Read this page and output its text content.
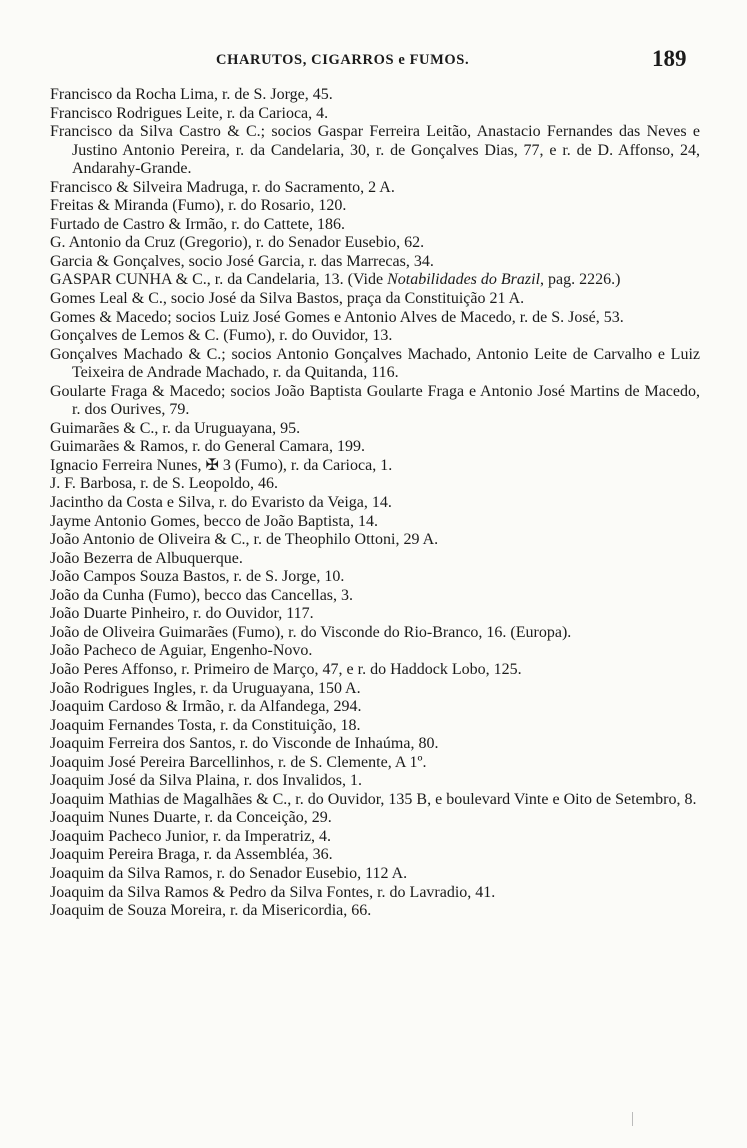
CHARUTOS, CIGARROS e FUMOS.	189
Francisco da Rocha Lima, r. de S. Jorge, 45.
Francisco Rodrigues Leite, r. da Carioca, 4.
Francisco da Silva Castro & C.; socios Gaspar Ferreira Leitão, Anastacio Fernandes das Neves e Justino Antonio Pereira, r. da Candelaria, 30, r. de Gonçalves Dias, 77, e r. de D. Affonso, 24, Andarahy-Grande.
Francisco & Silveira Madruga, r. do Sacramento, 2 A.
Freitas & Miranda (Fumo), r. do Rosario, 120.
Furtado de Castro & Irmão, r. do Cattete, 186.
G. Antonio da Cruz (Gregorio), r. do Senador Eusebio, 62.
Garcia & Gonçalves, socio José Garcia, r. das Marrecas, 34.
GASPAR CUNHA & C., r. da Candelaria, 13. (Vide Notabilidades do Brazil, pag. 2226.)
Gomes Leal & C., socio José da Silva Bastos, praça da Constituição 21 A.
Gomes & Macedo; socios Luiz José Gomes e Antonio Alves de Macedo, r. de S. José, 53.
Gonçalves de Lemos & C. (Fumo), r. do Ouvidor, 13.
Gonçalves Machado & C.; socios Antonio Gonçalves Machado, Antonio Leite de Carvalho e Luiz Teixeira de Andrade Machado, r. da Quitanda, 116.
Goularte Fraga & Macedo; socios João Baptista Goularte Fraga e Antonio José Martins de Macedo, r. dos Ourives, 79.
Guimarães & C., r. da Uruguayana, 95.
Guimarães & Ramos, r. do General Camara, 199.
Ignacio Ferreira Nunes, ✠ 3 (Fumo), r. da Carioca, 1.
J. F. Barbosa, r. de S. Leopoldo, 46.
Jacintho da Costa e Silva, r. do Evaristo da Veiga, 14.
Jayme Antonio Gomes, becco de João Baptista, 14.
João Antonio de Oliveira & C., r. de Theophilo Ottoni, 29 A.
João Bezerra de Albuquerque.
João Campos Souza Bastos, r. de S. Jorge, 10.
João da Cunha (Fumo), becco das Cancellas, 3.
João Duarte Pinheiro, r. do Ouvidor, 117.
João de Oliveira Guimarães (Fumo), r. do Visconde do Rio-Branco, 16. (Europa).
João Pacheco de Aguiar, Engenho-Novo.
João Peres Affonso, r. Primeiro de Março, 47, e r. do Haddock Lobo, 125.
João Rodrigues Ingles, r. da Uruguayana, 150 A.
Joaquim Cardoso & Irmão, r. da Alfandega, 294.
Joaquim Fernandes Tosta, r. da Constituição, 18.
Joaquim Ferreira dos Santos, r. do Visconde de Inhaúma, 80.
Joaquim José Pereira Barcellinhos, r. de S. Clemente, A 1º.
Joaquim José da Silva Plaina, r. dos Invalidos, 1.
Joaquim Mathias de Magalhães & C., r. do Ouvidor, 135 B, e boulevard Vinte e Oito de Setembro, 8.
Joaquim Nunes Duarte, r. da Conceição, 29.
Joaquim Pacheco Junior, r. da Imperatriz, 4.
Joaquim Pereira Braga, r. da Assembléa, 36.
Joaquim da Silva Ramos, r. do Senador Eusebio, 112 A.
Joaquim da Silva Ramos & Pedro da Silva Fontes, r. do Lavradio, 41.
Joaquim de Souza Moreira, r. da Misericordia, 66.
